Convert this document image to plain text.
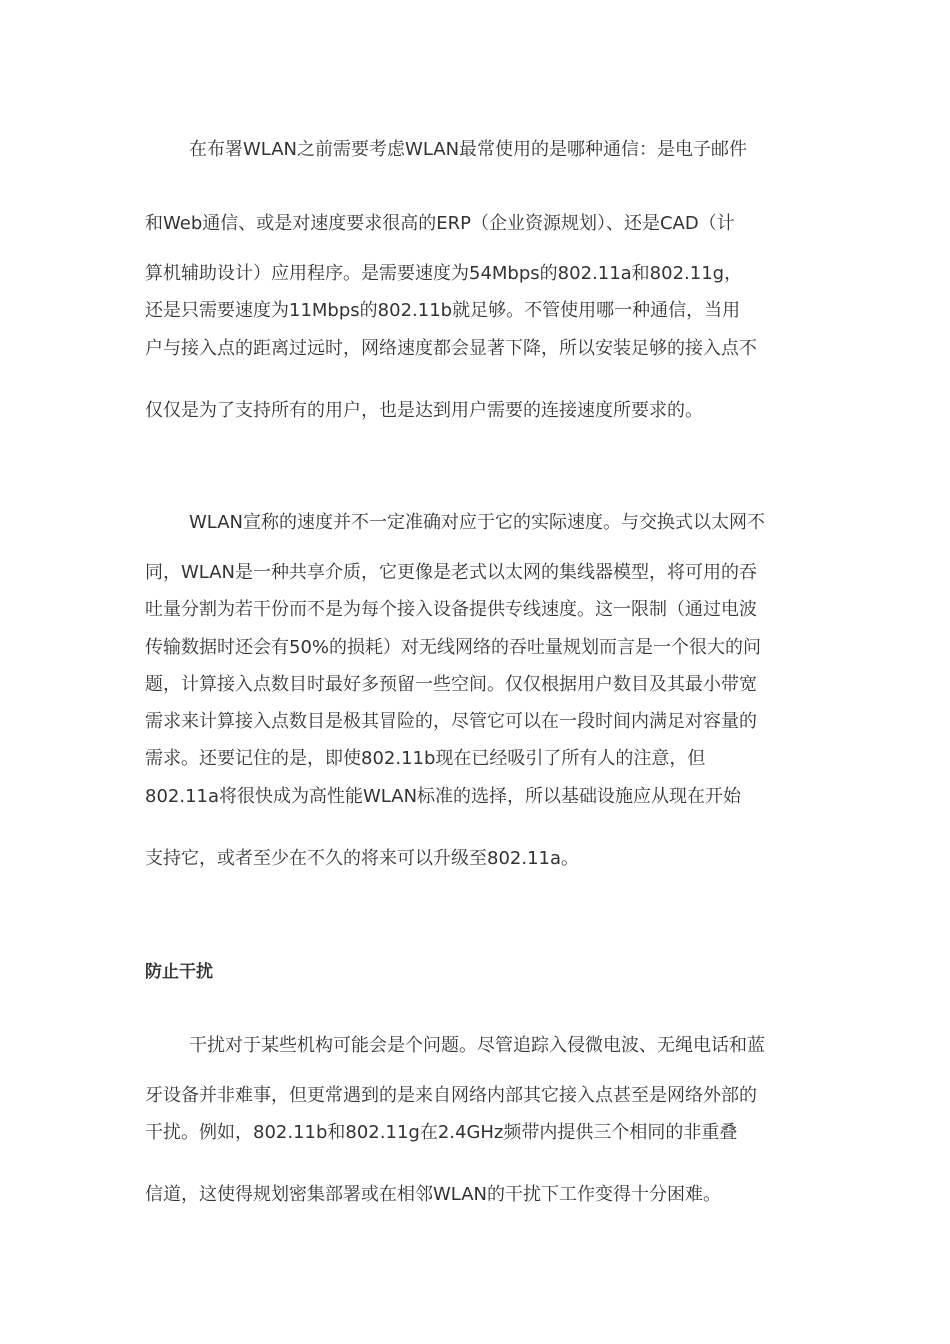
在布署WLAN之前需要考虑WLAN最常使用的是哪种通信：是电子邮件
和Web通信、或是对速度要求很高的ERP（企业资源规划）、还是CAD（计
算机辅助设计）应用程序。是需要速度为54Mbps的802.11a和802.11g，
还是只需要速度为11Mbps的802.11b就足够。不管使用哪一种通信，当用
户与接入点的距离过远时，网络速度都会显著下降，所以安装足够的接入点不
仅仅是为了支持所有的用户，也是达到用户需要的连接速度所要求的。
WLAN宣称的速度并不一定准确对应于它的实际速度。与交换式以太网不
同，WLAN是一种共享介质，它更像是老式以太网的集线器模型，将可用的吞
吐量分割为若干份而不是为每个接入设备提供专线速度。这一限制（通过电波
传输数据时还会有50%的损耗）对无线网络的吞吐量规划而言是一个很大的问
题，计算接入点数目时最好多预留一些空间。仅仅根据用户数目及其最小带宽
需求来计算接入点数目是极其冒险的，尽管它可以在一段时间内满足对容量的
需求。还要记住的是，即使802.11b现在已经吸引了所有人的注意，但
802.11a将很快成为高性能WLAN标准的选择，所以基础设施应从现在开始
支持它，或者至少在不久的将来可以升级至802.11a。
防止干扰
干扰对于某些机构可能会是个问题。尽管追踪入侵微电波、无绳电话和蓝
牙设备并非难事，但更常遇到的是来自网络内部其它接入点甚至是网络外部的
干扰。例如，802.11b和802.11g在2.4GHz频带内提供三个相同的非重叠
信道，这使得规划密集部署或在相邻WLAN的干扰下工作变得十分困难。
